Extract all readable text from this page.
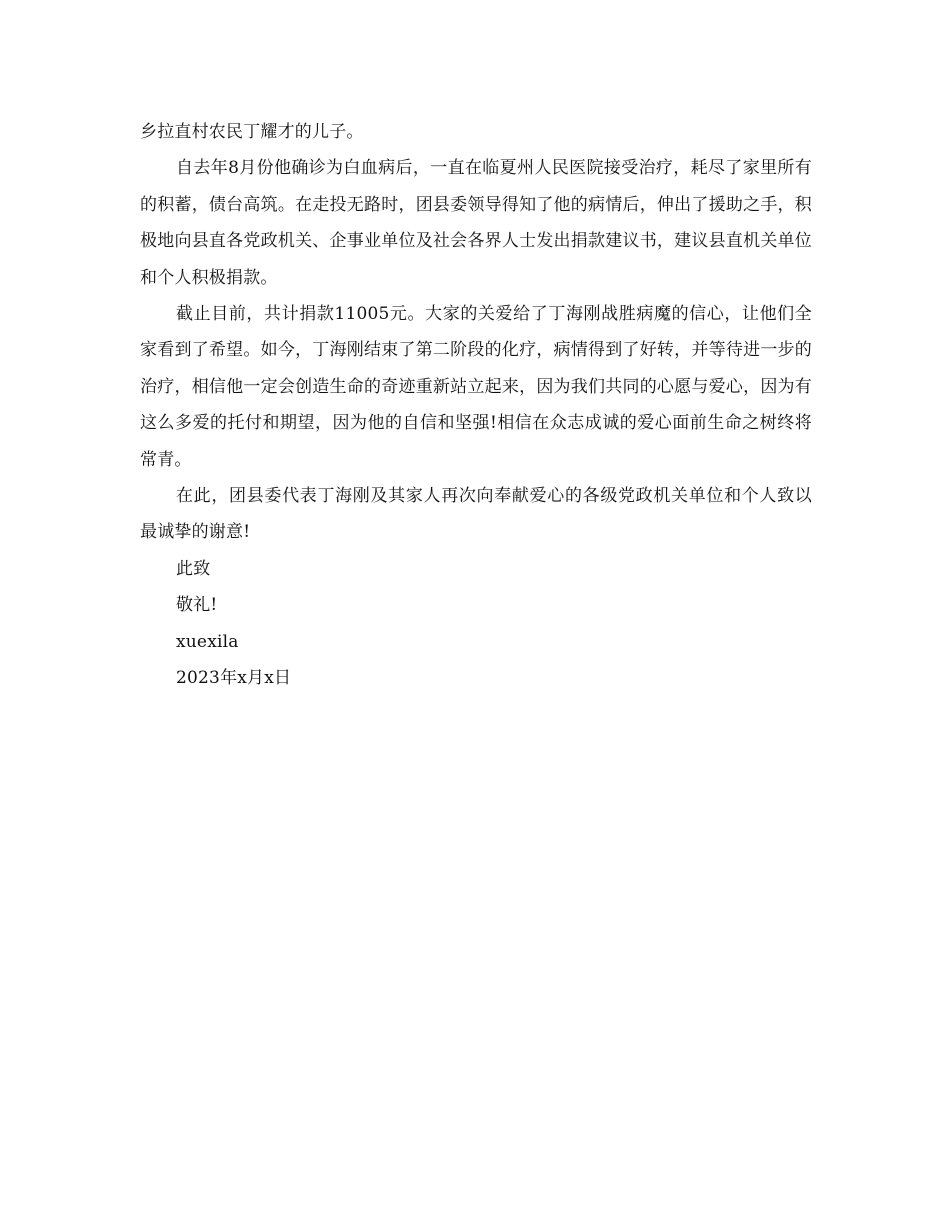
乡拉直村农民丁耀才的儿子。

自去年8月份他确诊为白血病后，一直在临夏州人民医院接受治疗，耗尽了家里所有的积蓄，债台高筑。在走投无路时，团县委领导得知了他的病情后，伸出了援助之手，积极地向县直各党政机关、企事业单位及社会各界人士发出捐款建议书，建议县直机关单位和个人积极捐款。

截止目前，共计捐款11005元。大家的关爱给了丁海刚战胜病魔的信心，让他们全家看到了希望。如今，丁海刚结束了第二阶段的化疗，病情得到了好转，并等待进一步的治疗，相信他一定会创造生命的奇迹重新站立起来，因为我们共同的心愿与爱心，因为有这么多爱的托付和期望，因为他的自信和坚强!相信在众志成诚的爱心面前生命之树终将常青。

在此，团县委代表丁海刚及其家人再次向奉献爱心的各级党政机关单位和个人致以最诚挚的谢意!

此致

敬礼!

xuexila

2023年x月x日
